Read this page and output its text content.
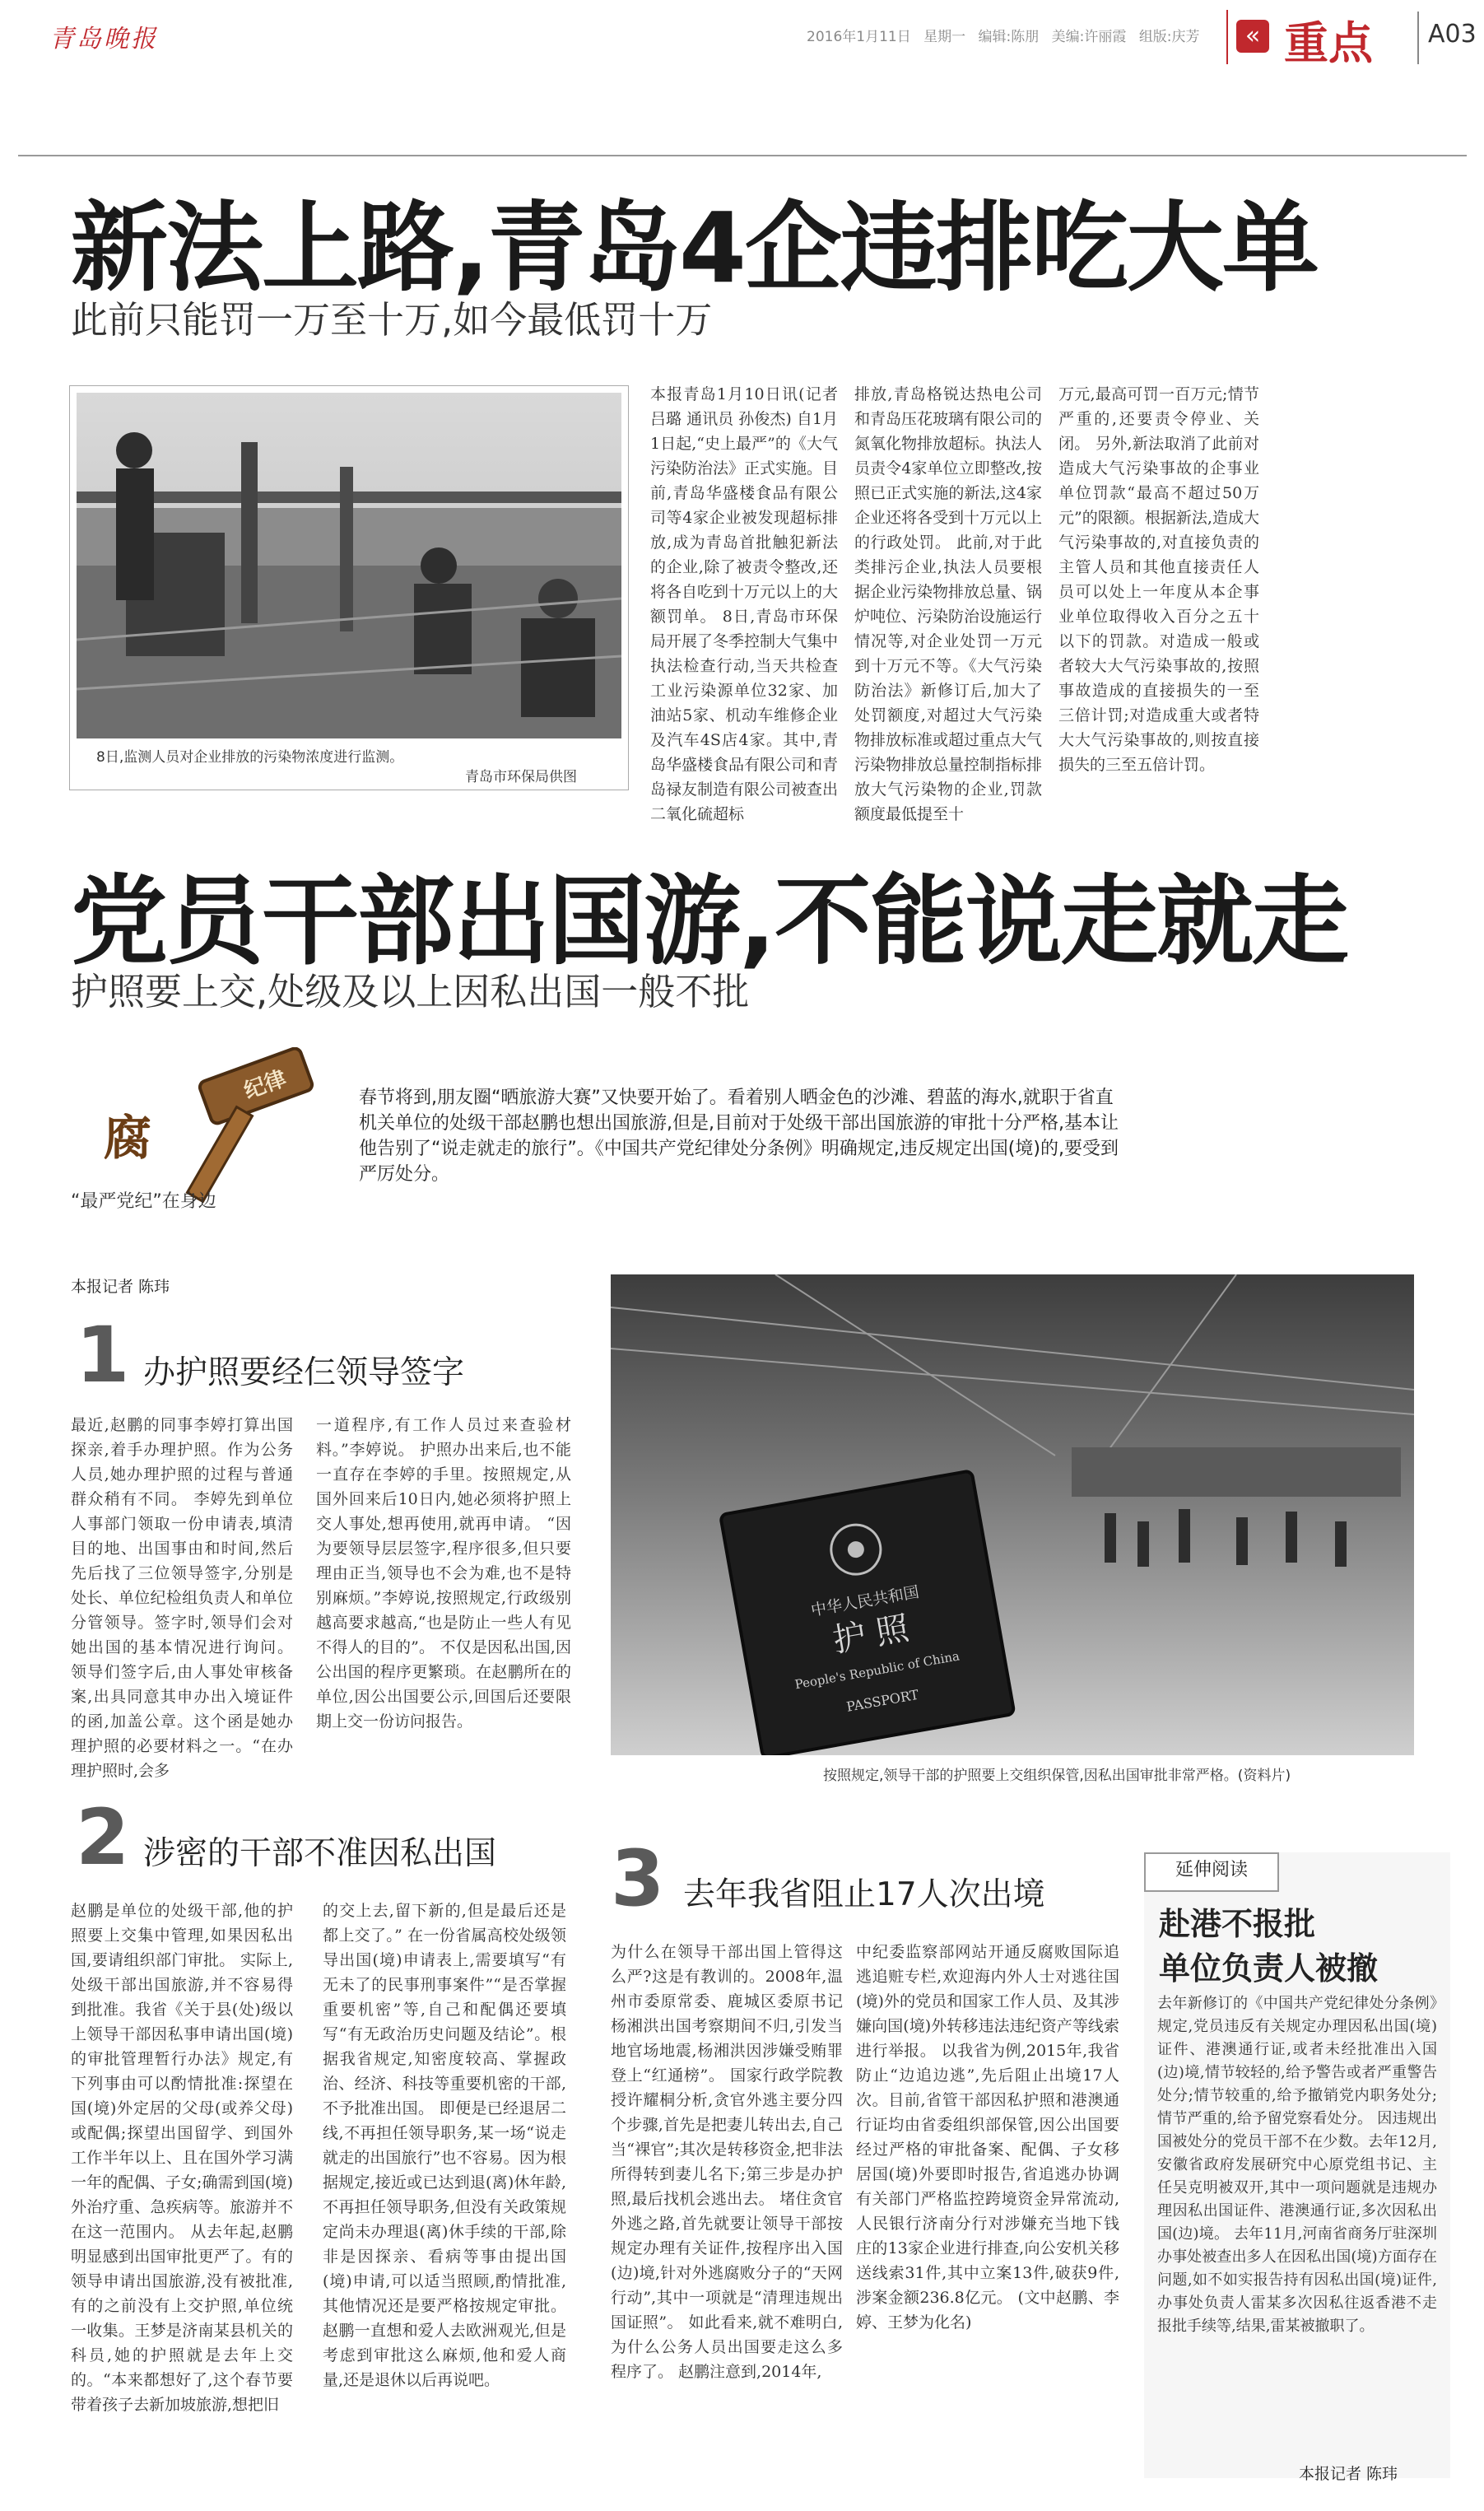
青岛晚报	2016年1月11日 星期一 编辑:陈朋 美编:许丽霞 组版:庆芳	« 重点 A03
新法上路,青岛4企违排吃大单
此前只能罚一万至十万,如今最低罚十万
8日,监测人员对企业排放的污染物浓度进行监测。
青岛市环保局供图
本报青岛1月10日讯(记者 吕璐 通讯员 孙俊杰) 自1月1日起,“史上最严”的《大气污染防治法》正式实施。目前,青岛华盛楼食品有限公司等4家企业被发现超标排放,成为青岛首批触犯新法的企业,除了被责令整改,还将各自吃到十万元以上的大额罚单。 8日,青岛市环保局开展了冬季控制大气集中执法检查行动,当天共检查工业污染源单位32家、加油站5家、机动车维修企业及汽车4S店4家。其中,青岛华盛楼食品有限公司和青岛禄友制造有限公司被查出二氧化硫超标
排放,青岛格锐达热电公司和青岛压花玻璃有限公司的氮氧化物排放超标。执法人员责令4家单位立即整改,按照已正式实施的新法,这4家企业还将各受到十万元以上的行政处罚。 此前,对于此类排污企业,执法人员要根据企业污染物排放总量、锅炉吨位、污染防治设施运行情况等,对企业处罚一万元到十万元不等。《大气污染防治法》新修订后,加大了处罚额度,对超过大气污染物排放标准或超过重点大气污染物排放总量控制指标排放大气污染物的企业,罚款额度最低提至十
万元,最高可罚一百万元;情节严重的,还要责令停业、关闭。 另外,新法取消了此前对造成大气污染事故的企事业单位罚款“最高不超过50万元”的限额。根据新法,造成大气污染事故的,对直接负责的主管人员和其他直接责任人员可以处上一年度从本企事业单位取得收入百分之五十以下的罚款。对造成一般或者较大大气污染事故的,按照事故造成的直接损失的一至三倍计罚;对造成重大或者特大大气污染事故的,则按直接损失的三至五倍计罚。
党员干部出国游,不能说走就走
护照要上交,处级及以上因私出国一般不批
腐
纪律
“最严党纪”在身边
春节将到,朋友圈“晒旅游大赛”又快要开始了。看着别人晒金色的沙滩、碧蓝的海水,就职于省直机关单位的处级干部赵鹏也想出国旅游,但是,目前对于处级干部出国旅游的审批十分严格,基本让他告别了“说走就走的旅行”。《中国共产党纪律处分条例》明确规定,违反规定出国(境)的,要受到严厉处分。
本报记者 陈玮
中华人民共和国
护 照
People's Republic of China
PASSPORT
按照规定,领导干部的护照要上交组织保管,因私出国审批非常严格。(资料片)
1 办护照要经仨领导签字
最近,赵鹏的同事李婷打算出国探亲,着手办理护照。作为公务人员,她办理护照的过程与普通群众稍有不同。 李婷先到单位人事部门领取一份申请表,填清目的地、出国事由和时间,然后先后找了三位领导签字,分别是处长、单位纪检组负责人和单位分管领导。签字时,领导们会对她出国的基本情况进行询问。 领导们签字后,由人事处审核备案,出具同意其申办出入境证件的函,加盖公章。这个函是她办理护照的必要材料之一。“在办理护照时,会多
一道程序,有工作人员过来查验材料。”李婷说。 护照办出来后,也不能一直存在李婷的手里。按照规定,从国外回来后10日内,她必须将护照上交人事处,想再使用,就再申请。 “因为要领导层层签字,程序很多,但只要理由正当,领导也不会为难,也不是特别麻烦。”李婷说,按照规定,行政级别越高要求越高,“也是防止一些人有见不得人的目的”。 不仅是因私出国,因公出国的程序更繁琐。在赵鹏所在的单位,因公出国要公示,回国后还要限期上交一份访问报告。
2 涉密的干部不准因私出国
赵鹏是单位的处级干部,他的护照要上交集中管理,如果因私出国,要请组织部门审批。 实际上,处级干部出国旅游,并不容易得到批准。我省《关于县(处)级以上领导干部因私事申请出国(境)的审批管理暂行办法》规定,有下列事由可以酌情批准:探望在国(境)外定居的父母(或养父母)或配偶;探望出国留学、到国外工作半年以上、且在国外学习满一年的配偶、子女;确需到国(境)外治疗重、急疾病等。旅游并不在这一范围内。 从去年起,赵鹏明显感到出国审批更严了。有的领导申请出国旅游,没有被批准,有的之前没有上交护照,单位统一收集。王梦是济南某县机关的科员,她的护照就是去年上交的。“本来都想好了,这个春节要带着孩子去新加坡旅游,想把旧
的交上去,留下新的,但是最后还是都上交了。” 在一份省属高校处级领导出国(境)申请表上,需要填写“有无未了的民事刑事案件”“是否掌握重要机密”等,自己和配偶还要填写“有无政治历史问题及结论”。根据我省规定,知密度较高、掌握政治、经济、科技等重要机密的干部,不予批准出国。 即便是已经退居二线,不再担任领导职务,某一场“说走就走的出国旅行”也不容易。因为根据规定,接近或已达到退(离)休年龄,不再担任领导职务,但没有关政策规定尚未办理退(离)休手续的干部,除非是因探亲、看病等事由提出国(境)申请,可以适当照顾,酌情批准,其他情况还是要严格按规定审批。 赵鹏一直想和爱人去欧洲观光,但是考虑到审批这么麻烦,他和爱人商量,还是退休以后再说吧。
3 去年我省阻止17人次出境
为什么在领导干部出国上管得这么严?这是有教训的。2008年,温州市委原常委、鹿城区委原书记杨湘洪出国考察期间不归,引发当地官场地震,杨湘洪因涉嫌受贿罪登上“红通榜”。 国家行政学院教授许耀桐分析,贪官外逃主要分四个步骤,首先是把妻儿转出去,自己当“裸官”;其次是转移资金,把非法所得转到妻儿名下;第三步是办护照,最后找机会逃出去。 堵住贪官外逃之路,首先就要让领导干部按规定办理有关证件,按程序出入国(边)境,针对外逃腐败分子的“天网行动”,其中一项就是“清理违规出国证照”。 如此看来,就不难明白,为什么公务人员出国要走这么多程序了。 赵鹏注意到,2014年,
中纪委监察部网站开通反腐败国际追逃追赃专栏,欢迎海内外人士对逃往国(境)外的党员和国家工作人员、及其涉嫌向国(境)外转移违法违纪资产等线索进行举报。 以我省为例,2015年,我省防止“边追边逃”,先后阻止出境17人次。目前,省管干部因私护照和港澳通行证均由省委组织部保管,因公出国要经过严格的审批备案、配偶、子女移居国(境)外要即时报告,省追逃办协调有关部门严格监控跨境资金异常流动,人民银行济南分行对涉嫌充当地下钱庄的13家企业进行排查,向公安机关移送线索31件,其中立案13件,破获9件,涉案金额236.8亿元。 (文中赵鹏、李婷、王梦为化名)
延伸阅读
赴港不报批
单位负责人被撤
去年新修订的《中国共产党纪律处分条例》规定,党员违反有关规定办理因私出国(境)证件、港澳通行证,或者未经批准出入国(边)境,情节较轻的,给予警告或者严重警告处分;情节较重的,给予撤销党内职务处分;情节严重的,给予留党察看处分。 因违规出国被处分的党员干部不在少数。去年12月,安徽省政府发展研究中心原党组书记、主任吴克明被双开,其中一项问题就是违规办理因私出国证件、港澳通行证,多次因私出国(边)境。 去年11月,河南省商务厅驻深圳办事处被查出多人在因私出国(境)方面存在问题,如不如实报告持有因私出国(境)证件,办事处负责人雷某多次因私往返香港不走报批手续等,结果,雷某被撤职了。
本报记者 陈玮
